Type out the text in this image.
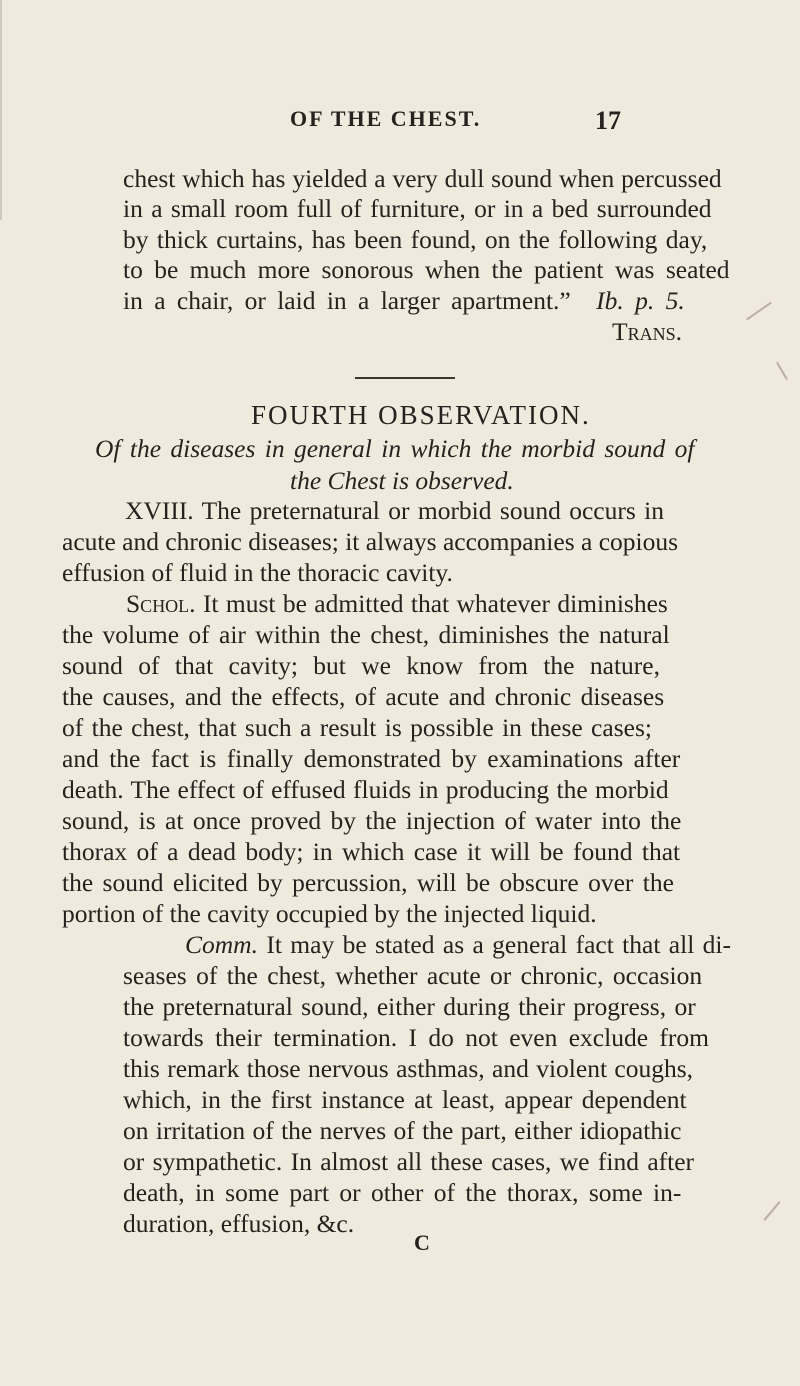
OF THE CHEST.	17
chest which has yielded a very dull sound when percussed
in a small room full of furniture, or in a bed surrounded
by thick curtains, has been found, on the following day,
to be much more sonorous when the patient was seated
in a chair, or laid in a larger apartment.” Ib. p. 5.
Trans.
FOURTH OBSERVATION.
Of the diseases in general in which the morbid sound of
the Chest is observed.
XVIII. The preternatural or morbid sound occurs in
acute and chronic diseases; it always accompanies a copious
effusion of fluid in the thoracic cavity.
Schol. It must be admitted that whatever diminishes
the volume of air within the chest, diminishes the natural
sound of that cavity; but we know from the nature,
the causes, and the effects, of acute and chronic diseases
of the chest, that such a result is possible in these cases;
and the fact is finally demonstrated by examinations after
death. The effect of effused fluids in producing the morbid
sound, is at once proved by the injection of water into the
thorax of a dead body; in which case it will be found that
the sound elicited by percussion, will be obscure over the
portion of the cavity occupied by the injected liquid.
Comm. It may be stated as a general fact that all di-
seases of the chest, whether acute or chronic, occasion
the preternatural sound, either during their progress, or
towards their termination. I do not even exclude from
this remark those nervous asthmas, and violent coughs,
which, in the first instance at least, appear dependent
on irritation of the nerves of the part, either idiopathic
or sympathetic. In almost all these cases, we find after
death, in some part or other of the thorax, some in-
duration, effusion, &c.
C
